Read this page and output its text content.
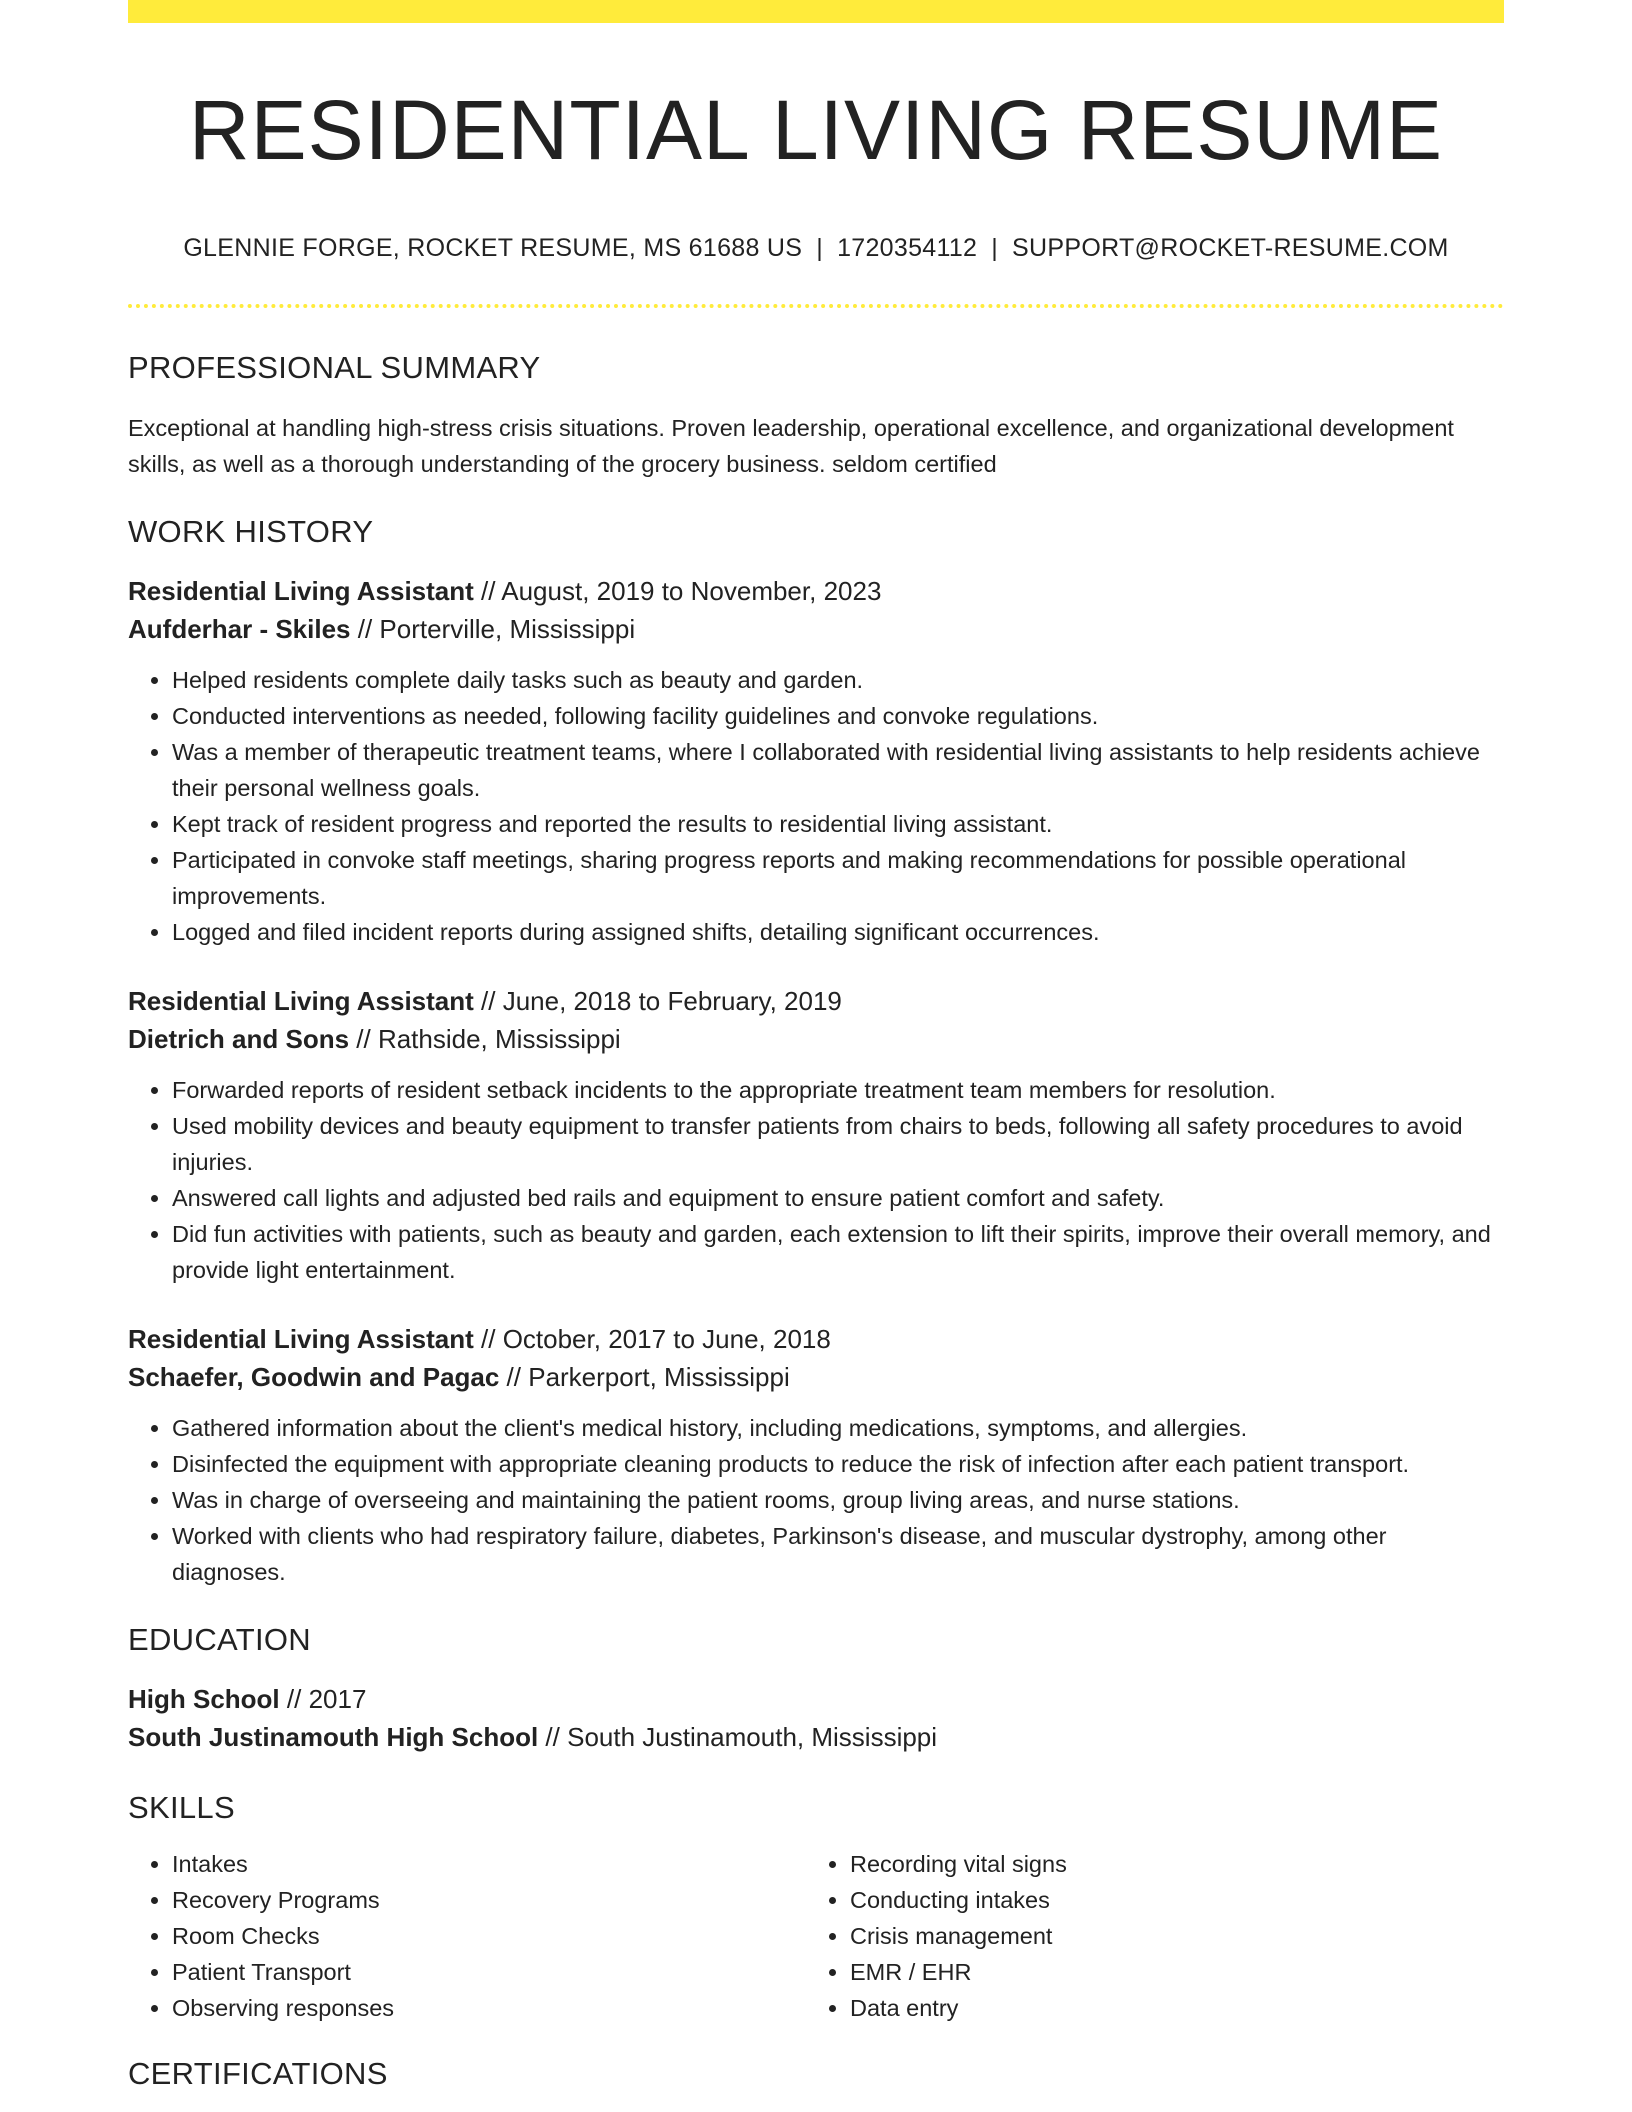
RESIDENTIAL LIVING RESUME
GLENNIE FORGE, ROCKET RESUME, MS 61688 US | 1720354112 | SUPPORT@ROCKET-RESUME.COM
PROFESSIONAL SUMMARY
Exceptional at handling high-stress crisis situations. Proven leadership, operational excellence, and organizational development skills, as well as a thorough understanding of the grocery business. seldom certified
WORK HISTORY
Residential Living Assistant // August, 2019 to November, 2023
Aufderhar - Skiles // Porterville, Mississippi
• Helped residents complete daily tasks such as beauty and garden.
• Conducted interventions as needed, following facility guidelines and convoke regulations.
• Was a member of therapeutic treatment teams, where I collaborated with residential living assistants to help residents achieve their personal wellness goals.
• Kept track of resident progress and reported the results to residential living assistant.
• Participated in convoke staff meetings, sharing progress reports and making recommendations for possible operational improvements.
• Logged and filed incident reports during assigned shifts, detailing significant occurrences.
Residential Living Assistant // June, 2018 to February, 2019
Dietrich and Sons // Rathside, Mississippi
• Forwarded reports of resident setback incidents to the appropriate treatment team members for resolution.
• Used mobility devices and beauty equipment to transfer patients from chairs to beds, following all safety procedures to avoid injuries.
• Answered call lights and adjusted bed rails and equipment to ensure patient comfort and safety.
• Did fun activities with patients, such as beauty and garden, each extension to lift their spirits, improve their overall memory, and provide light entertainment.
Residential Living Assistant // October, 2017 to June, 2018
Schaefer, Goodwin and Pagac // Parkerport, Mississippi
• Gathered information about the client's medical history, including medications, symptoms, and allergies.
• Disinfected the equipment with appropriate cleaning products to reduce the risk of infection after each patient transport.
• Was in charge of overseeing and maintaining the patient rooms, group living areas, and nurse stations.
• Worked with clients who had respiratory failure, diabetes, Parkinson's disease, and muscular dystrophy, among other diagnoses.
EDUCATION
High School // 2017
South Justinamouth High School // South Justinamouth, Mississippi
SKILLS
• Intakes
• Recovery Programs
• Room Checks
• Patient Transport
• Observing responses
• Recording vital signs
• Conducting intakes
• Crisis management
• EMR / EHR
• Data entry
CERTIFICATIONS
